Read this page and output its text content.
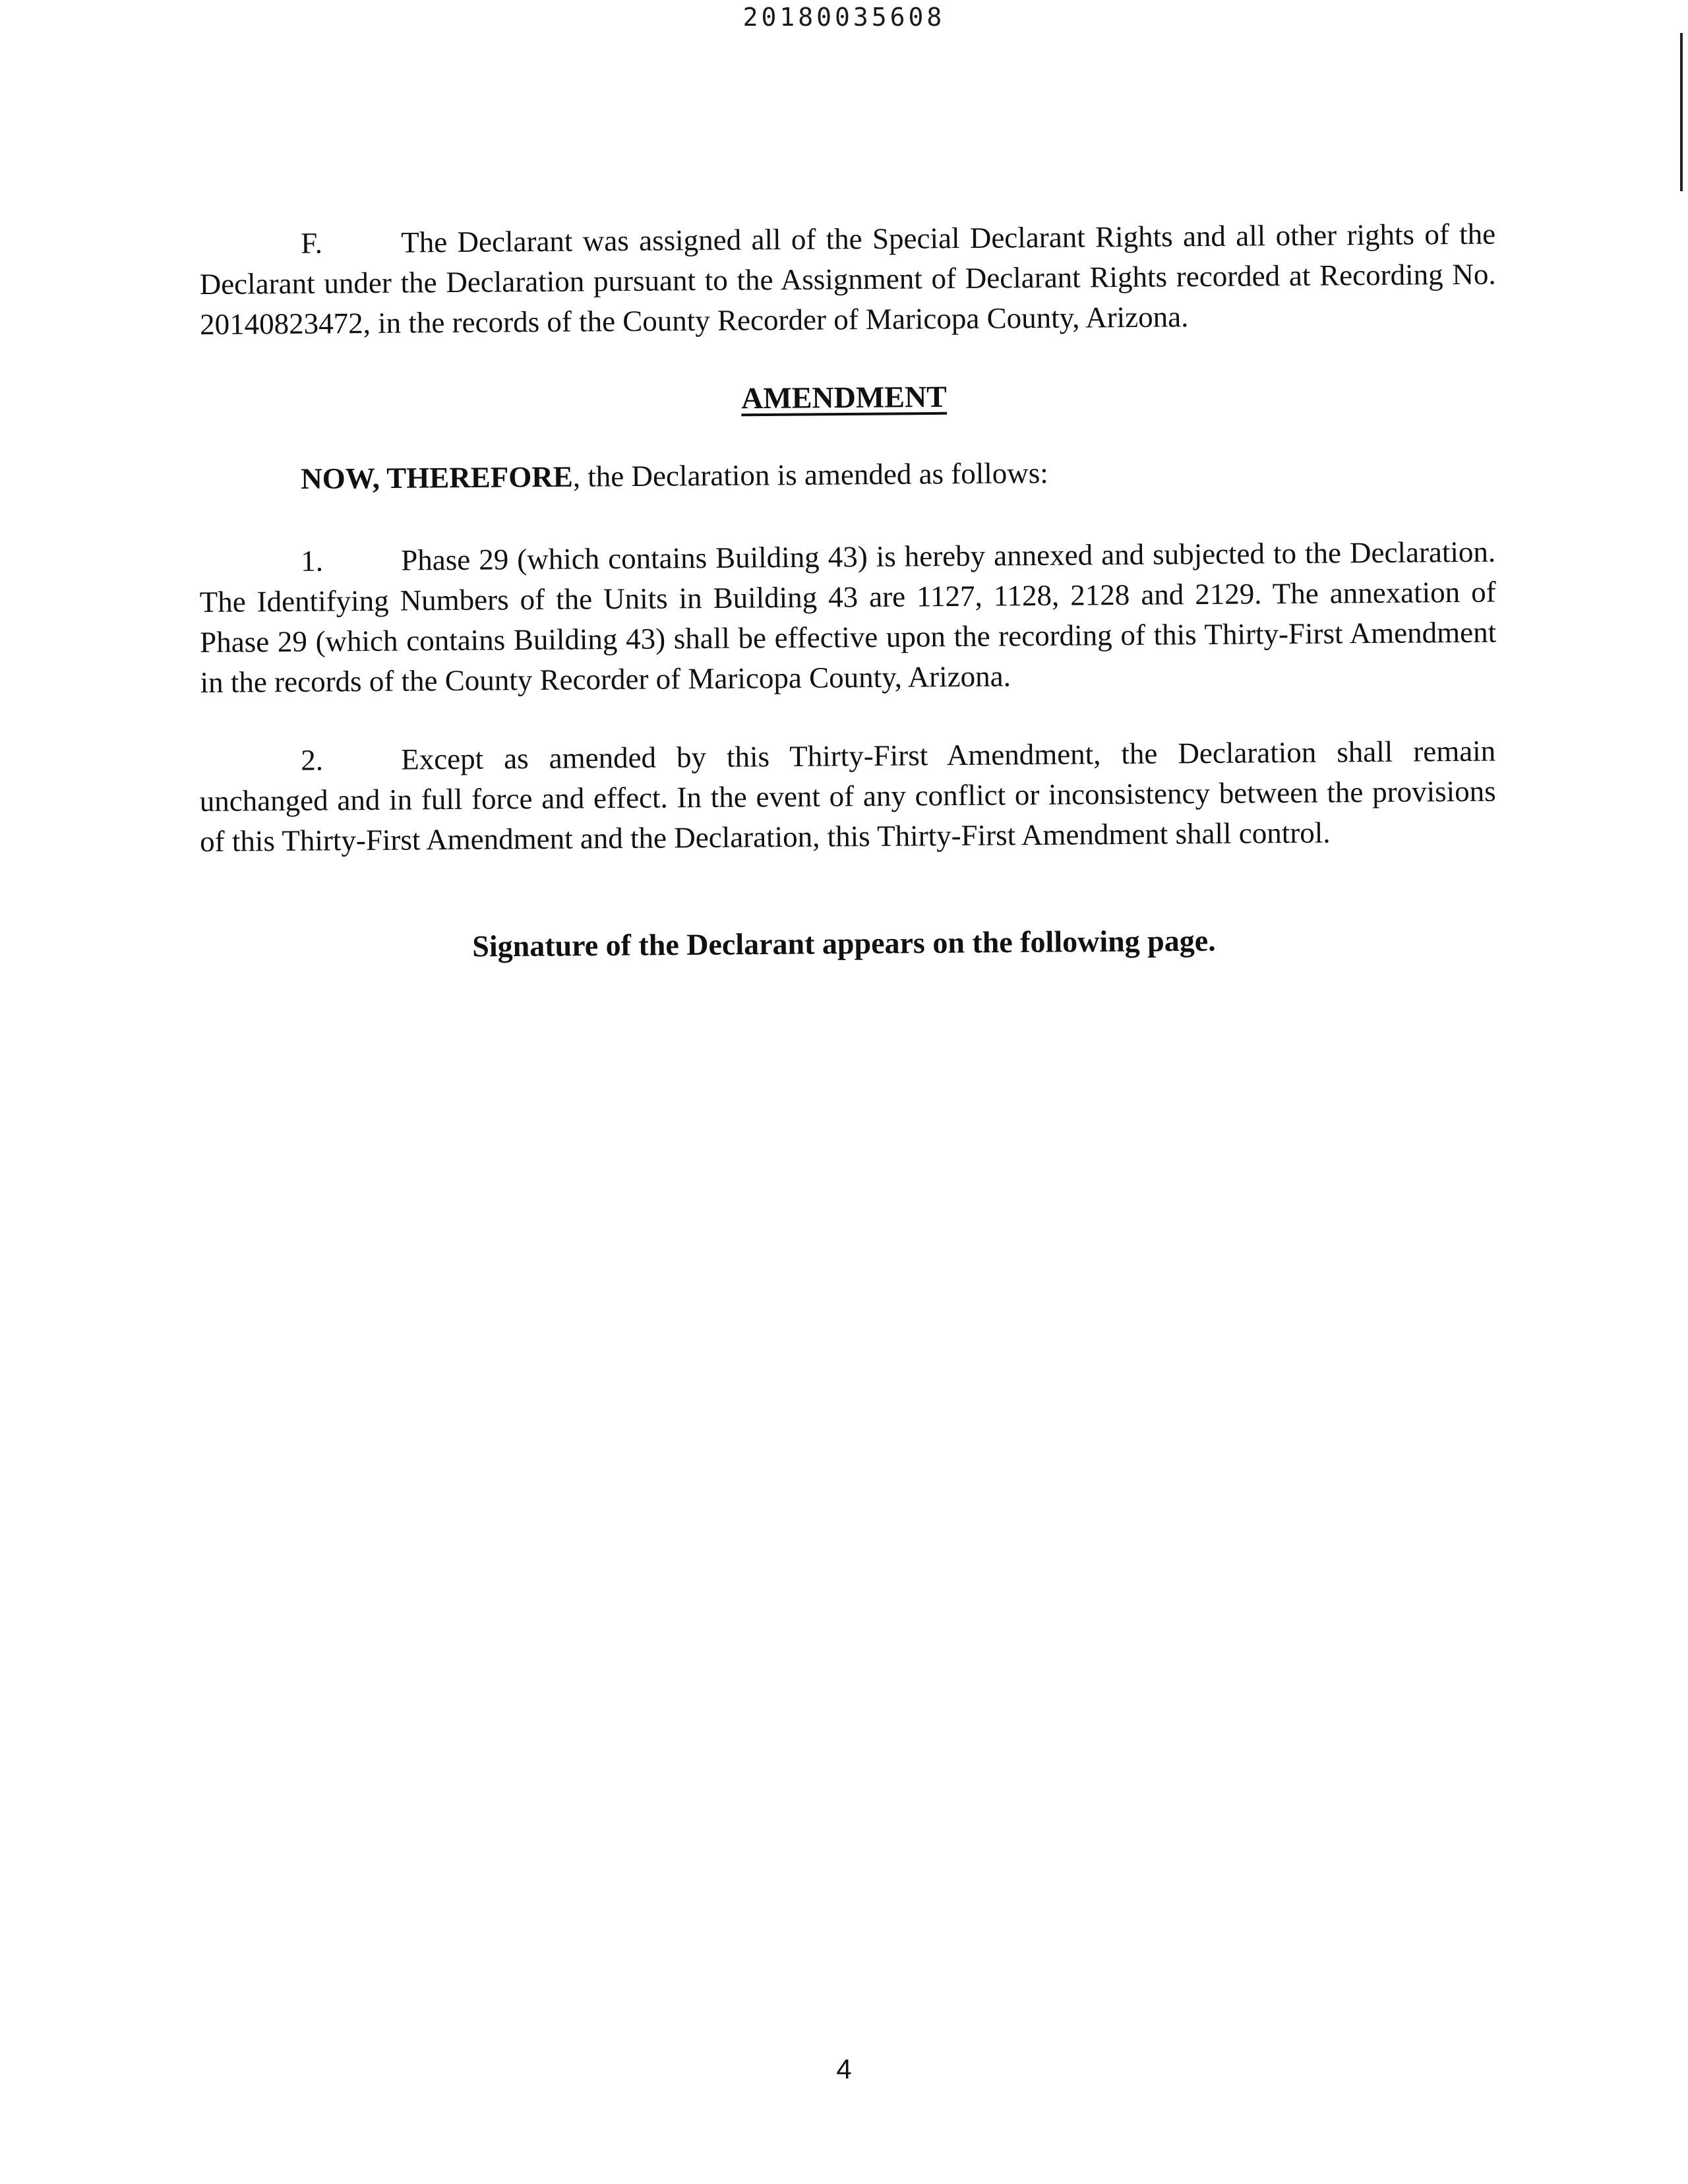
20180035608

F.	The Declarant was assigned all of the Special Declarant Rights and all other rights of the Declarant under the Declaration pursuant to the Assignment of Declarant Rights recorded at Recording No. 20140823472, in the records of the County Recorder of Maricopa County, Arizona.

AMENDMENT
NOW, THEREFORE, the Declaration is amended as follows:

1.	Phase 29 (which contains Building 43) is hereby annexed and subjected to the Declaration. The Identifying Numbers of the Units in Building 43 are 1127, 1128, 2128 and 2129. The annexation of Phase 29 (which contains Building 43) shall be effective upon the recording of this Thirty-First Amendment in the records of the County Recorder of Maricopa County, Arizona.

2.	Except as amended by this Thirty-First Amendment, the Declaration shall remain unchanged and in full force and effect. In the event of any conflict or inconsistency between the provisions of this Thirty-First Amendment and the Declaration, this Thirty-First Amendment shall control.

Signature of the Declarant appears on the following page.
4
